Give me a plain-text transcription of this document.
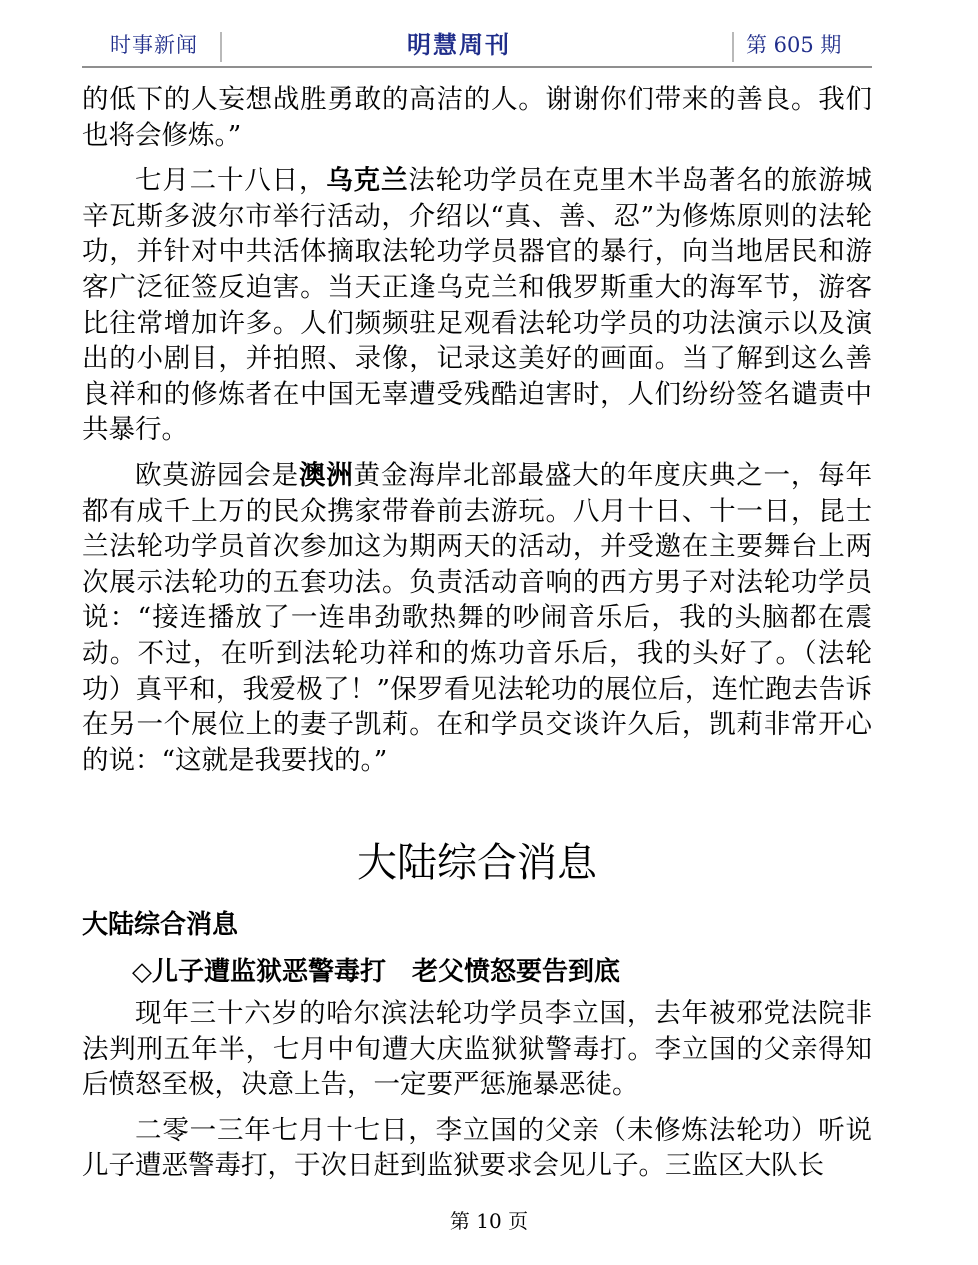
时事新闻	明慧周刊	第 605 期

的低下的人妄想战胜勇敢的高洁的人。谢谢你们带来的善良。我们也将会修炼。”

七月二十八日，乌克兰法轮功学员在克里木半岛著名的旅游城辛瓦斯多波尔市举行活动，介绍以“真、善、忍”为修炼原则的法轮功，并针对中共活体摘取法轮功学员器官的暴行，向当地居民和游客广泛征签反迫害。当天正逢乌克兰和俄罗斯重大的海军节，游客比往常增加许多。人们频频驻足观看法轮功学员的功法演示以及演出的小剧目，并拍照、录像，记录这美好的画面。当了解到这么善良祥和的修炼者在中国无辜遭受残酷迫害时，人们纷纷签名谴责中共暴行。

欧莫游园会是澳洲黄金海岸北部最盛大的年度庆典之一，每年都有成千上万的民众携家带眷前去游玩。八月十日、十一日，昆士兰法轮功学员首次参加这为期两天的活动，并受邀在主要舞台上两次展示法轮功的五套功法。负责活动音响的西方男子对法轮功学员说：“接连播放了一连串劲歌热舞的吵闹音乐后，我的头脑都在震动。不过，在听到法轮功祥和的炼功音乐后，我的头好了。（法轮功）真平和，我爱极了！”保罗看见法轮功的展位后，连忙跑去告诉在另一个展位上的妻子凯莉。在和学员交谈许久后，凯莉非常开心的说：“这就是我要找的。”

大陆综合消息
大陆综合消息
◇儿子遭监狱恶警毒打　老父愤怒要告到底

现年三十六岁的哈尔滨法轮功学员李立国，去年被邪党法院非法判刑五年半，七月中旬遭大庆监狱狱警毒打。李立国的父亲得知后愤怒至极，决意上告，一定要严惩施暴恶徒。

二零一三年七月十七日，李立国的父亲（未修炼法轮功）听说儿子遭恶警毒打，于次日赶到监狱要求会见儿子。三监区大队长

第 10 页
